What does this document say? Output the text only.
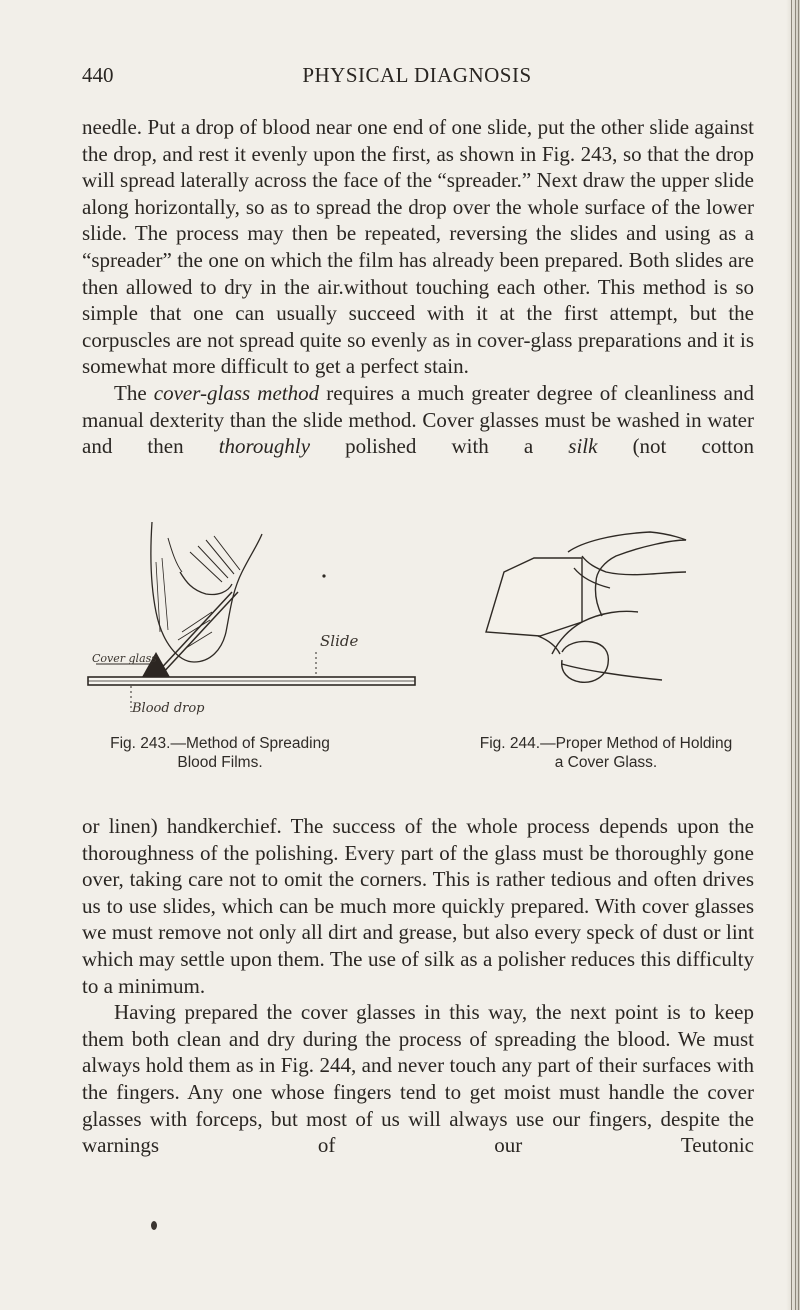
440	PHYSICAL DIAGNOSIS

needle. Put a drop of blood near one end of one slide, put the other slide against the drop, and rest it evenly upon the first, as shown in Fig. 243, so that the drop will spread laterally across the face of the “spreader.” Next draw the upper slide along horizontally, so as to spread the drop over the whole surface of the lower slide. The process may then be repeated, reversing the slides and using as a “spreader” the one on which the film has already been prepared. Both slides are then allowed to dry in the air.without touching each other. This method is so simple that one can usually succeed with it at the first attempt, but the corpuscles are not spread quite so evenly as in cover-glass preparations and it is somewhat more difficult to get a perfect stain.

The cover-glass method requires a much greater degree of cleanliness and manual dexterity than the slide method. Cover glasses must be washed in water and then thoroughly polished with a silk (not cotton

Cover glass
Slide
Blood drop
Fig. 243.—Method of Spreading
Blood Films.
Fig. 244.—Proper Method of Holding
a Cover Glass.

or linen) handkerchief. The success of the whole process depends upon the thoroughness of the polishing. Every part of the glass must be thoroughly gone over, taking care not to omit the corners. This is rather tedious and often drives us to use slides, which can be much more quickly prepared. With cover glasses we must remove not only all dirt and grease, but also every speck of dust or lint which may settle upon them. The use of silk as a polisher reduces this difficulty to a minimum.

Having prepared the cover glasses in this way, the next point is to keep them both clean and dry during the process of spreading the blood. We must always hold them as in Fig. 244, and never touch any part of their surfaces with the fingers. Any one whose fingers tend to get moist must handle the cover glasses with forceps, but most of us will always use our fingers, despite the warnings of our Teutonic
